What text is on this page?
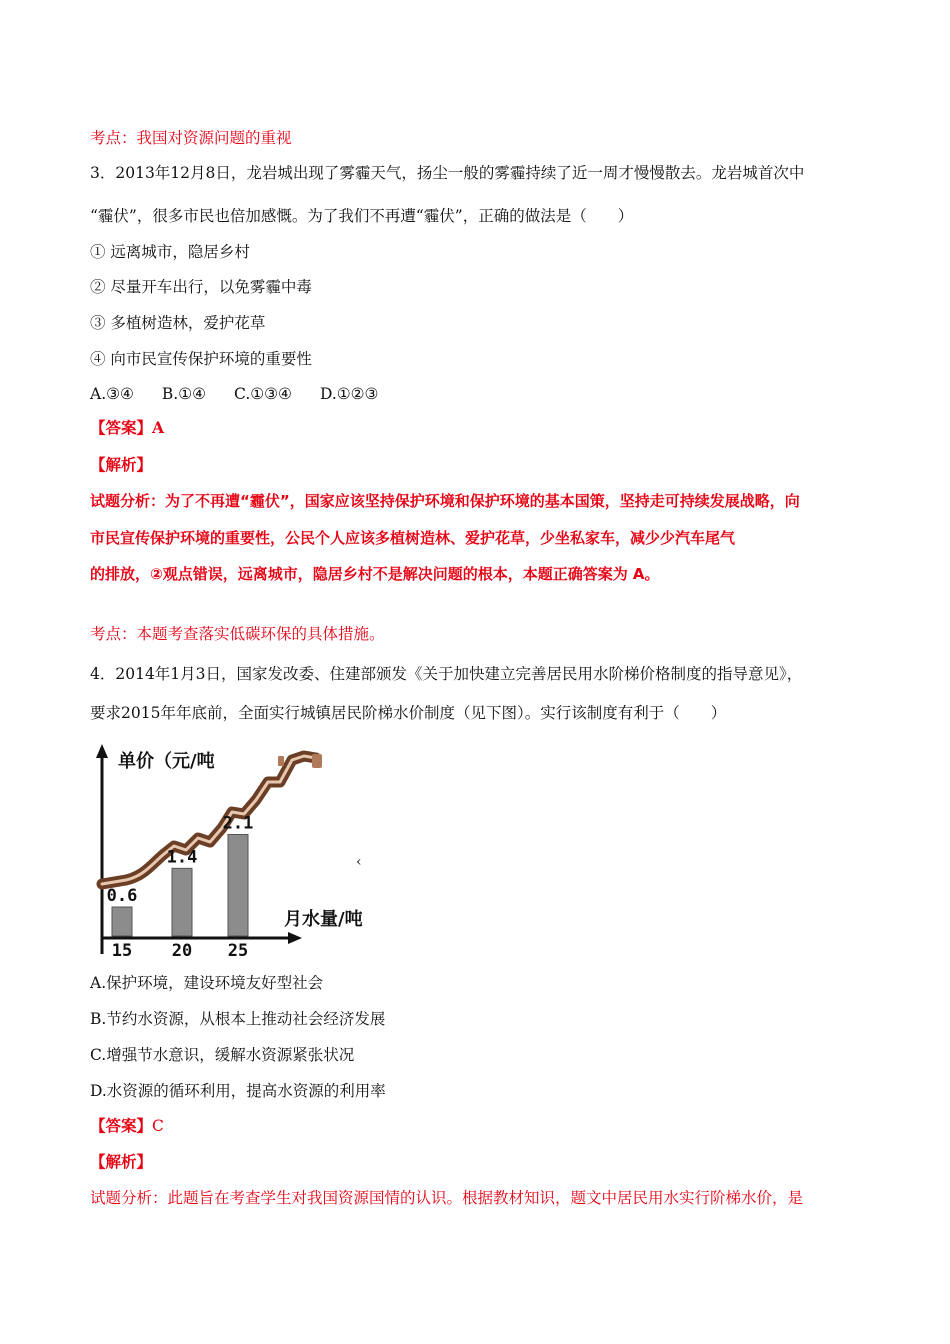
考点：我国对资源问题的重视
3．2013年12月8日，龙岩城出现了雾霾天气，扬尘一般的雾霾持续了近一周才慢慢散去。龙岩城首次中
“霾伏”，很多市民也倍加感慨。为了我们不再遭“霾伏”，正确的做法是（　　）
① 远离城市，隐居乡村
② 尽量开车出行，以免雾霾中毒
③ 多植树造林，爱护花草
④ 向市民宣传保护环境的重要性
A.③④ B.①④ C.①③④ D.①②③
【答案】A
【解析】
试题分析：为了不再遭“霾伏”，国家应该坚持保护环境和保护环境的基本国策，坚持走可持续发展战略，向
市民宣传保护环境的重要性，公民个人应该多植树造林、爱护花草，少坐私家车，减少少汽车尾气
的排放，②观点错误，远离城市，隐居乡村不是解决问题的根本，本题正确答案为 A。
考点：本题考查落实低碳环保的具体措施。
4．2014年1月3日，国家发改委、住建部颁发《关于加快建立完善居民用水阶梯价格制度的指导意见》，
要求2015年年底前，全面实行城镇居民阶梯水价制度（见下图）。实行该制度有利于（　　）
0.6
15
1.4
20
2.1
25
单价（元/吨
月水量/吨
‹
A.保护环境，建设环境友好型社会
B.节约水资源，从根本上推动社会经济发展
C.增强节水意识，缓解水资源紧张状况
D.水资源的循环利用，提高水资源的利用率
【答案】C
【解析】
试题分析：此题旨在考查学生对我国资源国情的认识。根据教材知识，题文中居民用水实行阶梯水价，是
